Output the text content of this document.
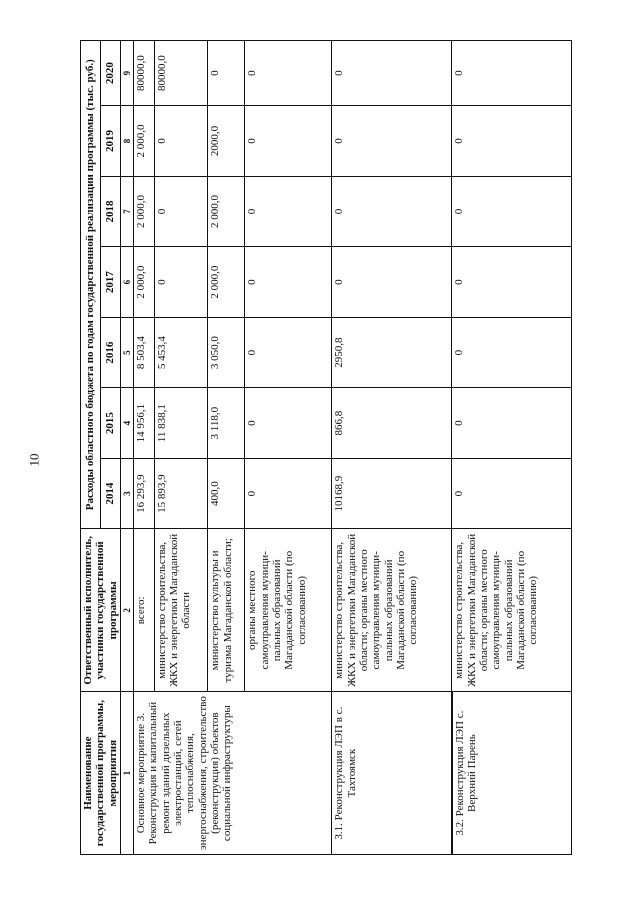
10
Наименование государственной программы, мероприятия	Ответственный исполнитель, участники государственной программы	Расходы областного бюджета по годам государственной реализации программы (тыс. руб.)						
		2014	2015	2016	2017	2018	2019	2020
1	2	3	4	5	6	7	8	9
Основное мероприятие 3. Реконструкция и капитальный ремонт зданий дизельных электростанций, сетей теплоснабжения, энергоснабжения, строительство (реконструкция) объектов социальной инфраструктуры	всего:	16 293,9	14 956,1	8 503,4	2 000,0	2 000,0	2 000,0	80000,0
	министерство строительства, ЖКХ и энергетики Магаданской области	15 893,9	11 838,1	5 453,4	0	0	0	80000,0
	министерство культуры и туризма Магаданской области;	400,0	3 118,0	3 050,0	2 000,0	2 000,0	2000,0	0
	органы местного самоуправления муници-пальных образований Магаданской области (по согласованию)	0	0	0	0	0	0	0
3.1. Реконструкция ЛЭП в с. Тахтоямск	министерство строительства, ЖКХ и энергетики Магаданской области; органы местного самоуправления муници-пальных образований Магаданской области (по согласованию)	10168,9	866,8	2950,8	0	0	0	0
3.2. Реконструкция ЛЭП с. Верхний Парень	министерство строительства, ЖКХ и энергетики Магаданской области; органы местного самоуправления муници-пальных образований Магаданской области (по согласованию)	0	0	0	0	0	0	0
